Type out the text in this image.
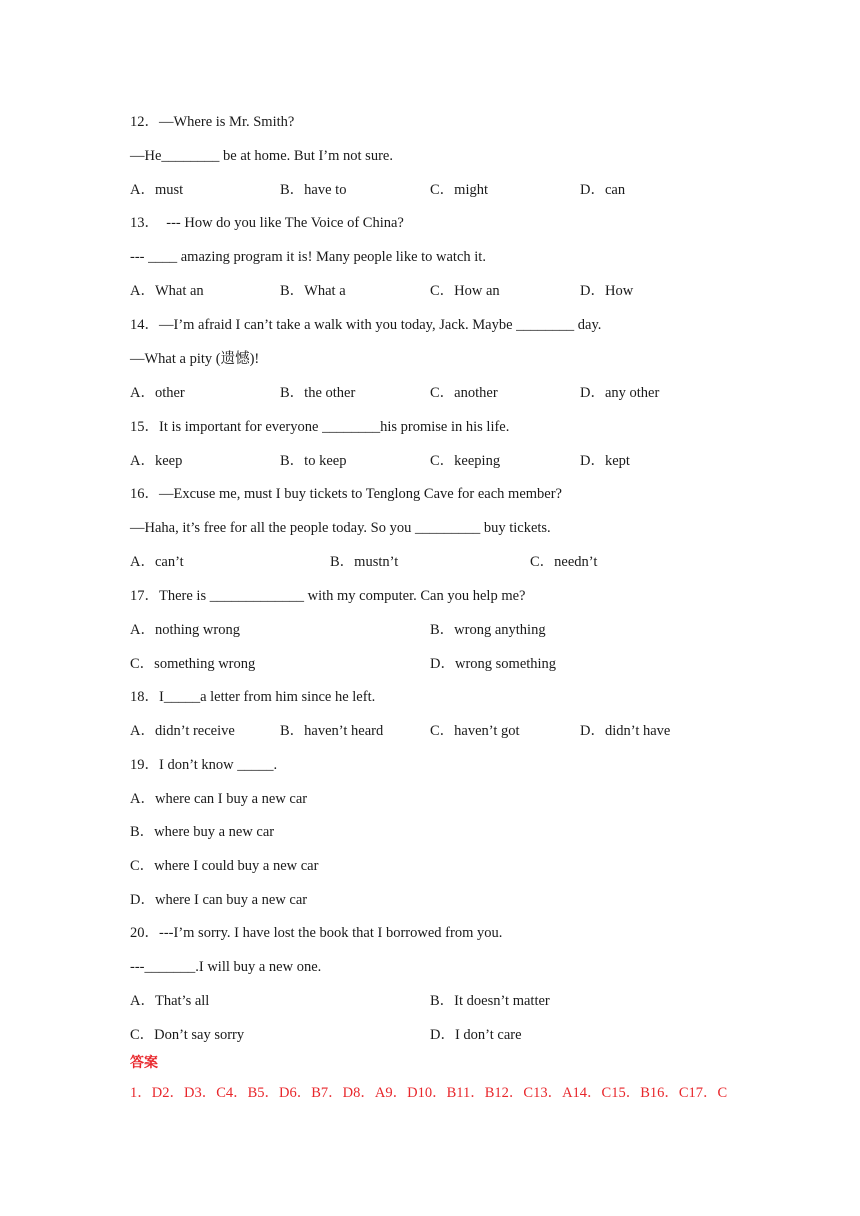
12．—Where is Mr. Smith?
—He________ be at home. But I’m not sure.
A．must	B．have to	C．might	D．can
13．  --- How do you like The Voice of China?
--- ____ amazing program it is! Many people like to watch it.
A．What an	B．What a	C．How an	D．How
14．—I’m afraid I can’t take a walk with you today, Jack. Maybe ________ day.
—What a pity (遗憾)!
A．other	B．the other	C．another	D．any other
15．It is important for everyone ________his promise in his life.
A．keep	B．to keep	C．keeping	D．kept
16．—Excuse me, must I buy tickets to Tenglong Cave for each member?
—Haha, it’s free for all the people today. So you _________ buy tickets.
A．can’t	B．mustn’t	C．needn’t
17．There is _____________ with my computer. Can you help me?
A．nothing wrong	B．wrong anything
C．something wrong	D．wrong something
18．I_____a letter from him since he left.
A．didn’t receive	B．haven’t heard	C．haven’t got	D．didn’t have
19．I don’t know _____.
A．where can I buy a new car
B．where buy a new car
C．where I could buy a new car
D．where I can buy a new car
20．---I’m sorry. I have lost the book that I borrowed from you.
---_______.I will buy a new one.
A．That’s all	B．It doesn’t matter
C．Don’t say sorry	D．I don’t care
答案
1．D2．D3．C4．B5．D6．B7．D8．A9．D10．B11．B12．C13．A14．C15．B16．C17．C
